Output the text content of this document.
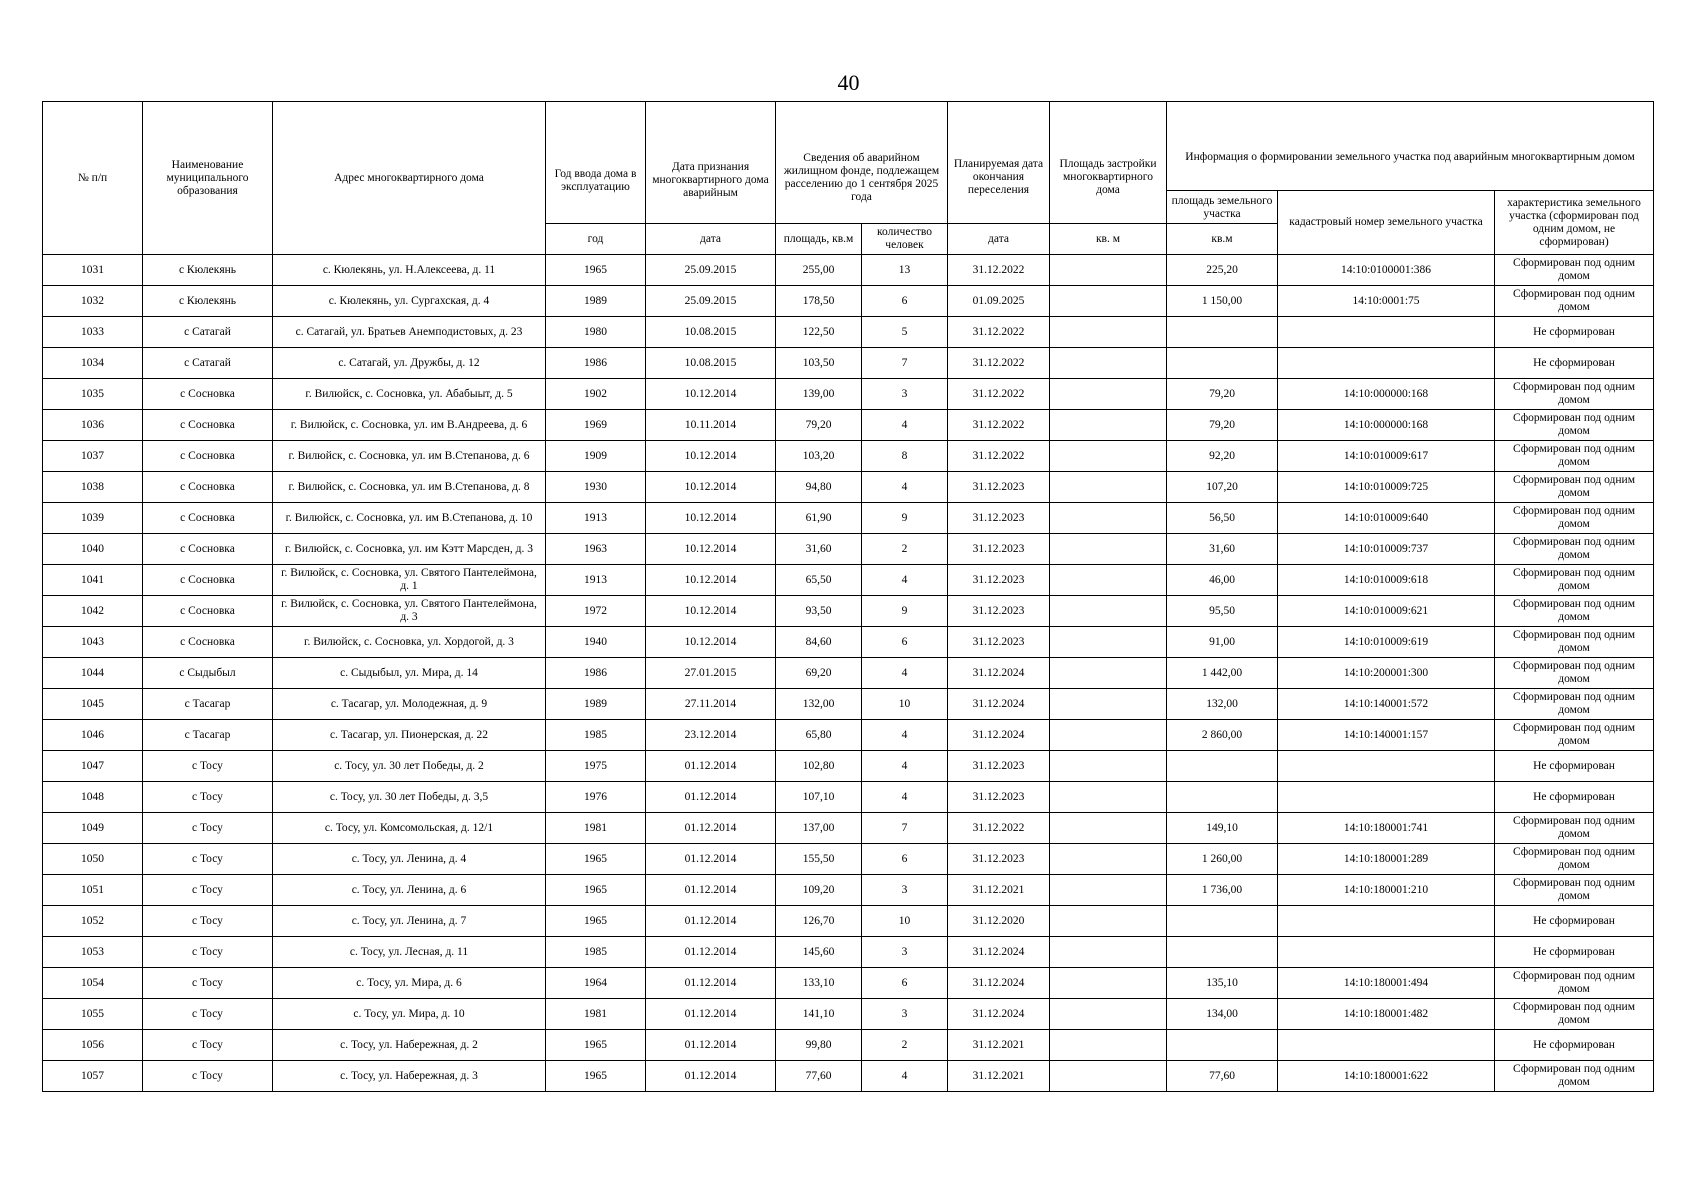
40
№ п/п	Наименование муниципального образования	Адрес многоквартирного дома	Год ввода дома в эксплуатацию	Дата признания многоквартирного дома аварийным	Сведения об аварийном жилищном фонде, подлежащем расселению до 1 сентября 2025 года		Планируемая дата окончания переселения	Площадь застройки многоквартирного дома	Информация о формировании земельного участка под аварийным многоквартирным домом		
									площадь земельного участка	кадастровый номер земельного участка	характеристика земельного участка (сформирован под одним домом, не сформирован)
			год	дата	площадь, кв.м	количество человек	дата	кв. м	кв.м		
1031	с Кюлекянь	с. Кюлекянь, ул. Н.Алексеева, д. 11	1965	25.09.2015	255,00	13	31.12.2022		225,20	14:10:0100001:386	Сформирован под одним домом
1032	с Кюлекянь	с. Кюлекянь, ул. Сургахская, д. 4	1989	25.09.2015	178,50	6	01.09.2025		1 150,00	14:10:0001:75	Сформирован под одним домом
1033	с Сатагай	с. Сатагай, ул. Братьев Анемподистовых, д. 23	1980	10.08.2015	122,50	5	31.12.2022				Не сформирован
1034	с Сатагай	с. Сатагай, ул. Дружбы, д. 12	1986	10.08.2015	103,50	7	31.12.2022				Не сформирован
1035	с Сосновка	г. Вилюйск, с. Сосновка, ул. Абабыыт, д. 5	1902	10.12.2014	139,00	3	31.12.2022		79,20	14:10:000000:168	Сформирован под одним домом
1036	с Сосновка	г. Вилюйск, с. Сосновка, ул. им В.Андреева, д. 6	1969	10.11.2014	79,20	4	31.12.2022		79,20	14:10:000000:168	Сформирован под одним домом
1037	с Сосновка	г. Вилюйск, с. Сосновка, ул. им В.Степанова, д. 6	1909	10.12.2014	103,20	8	31.12.2022		92,20	14:10:010009:617	Сформирован под одним домом
1038	с Сосновка	г. Вилюйск, с. Сосновка, ул. им В.Степанова, д. 8	1930	10.12.2014	94,80	4	31.12.2023		107,20	14:10:010009:725	Сформирован под одним домом
1039	с Сосновка	г. Вилюйск, с. Сосновка, ул. им В.Степанова, д. 10	1913	10.12.2014	61,90	9	31.12.2023		56,50	14:10:010009:640	Сформирован под одним домом
1040	с Сосновка	г. Вилюйск, с. Сосновка, ул. им Кэтт Марсден, д. 3	1963	10.12.2014	31,60	2	31.12.2023		31,60	14:10:010009:737	Сформирован под одним домом
1041	с Сосновка	г. Вилюйск, с. Сосновка, ул. Святого Пантелеймона, д. 1	1913	10.12.2014	65,50	4	31.12.2023		46,00	14:10:010009:618	Сформирован под одним домом
1042	с Сосновка	г. Вилюйск, с. Сосновка, ул. Святого Пантелеймона, д. 3	1972	10.12.2014	93,50	9	31.12.2023		95,50	14:10:010009:621	Сформирован под одним домом
1043	с Сосновка	г. Вилюйск, с. Сосновка, ул. Хордогой, д. 3	1940	10.12.2014	84,60	6	31.12.2023		91,00	14:10:010009:619	Сформирован под одним домом
1044	с Сыдыбыл	с. Сыдыбыл, ул. Мира, д. 14	1986	27.01.2015	69,20	4	31.12.2024		1 442,00	14:10:200001:300	Сформирован под одним домом
1045	с Тасагар	с. Тасагар, ул. Молодежная, д. 9	1989	27.11.2014	132,00	10	31.12.2024		132,00	14:10:140001:572	Сформирован под одним домом
1046	с Тасагар	с. Тасагар, ул. Пионерская, д. 22	1985	23.12.2014	65,80	4	31.12.2024		2 860,00	14:10:140001:157	Сформирован под одним домом
1047	с Тосу	с. Тосу, ул. 30 лет Победы, д. 2	1975	01.12.2014	102,80	4	31.12.2023				Не сформирован
1048	с Тосу	с. Тосу, ул. 30 лет Победы, д. 3,5	1976	01.12.2014	107,10	4	31.12.2023				Не сформирован
1049	с Тосу	с. Тосу, ул. Комсомольская, д. 12/1	1981	01.12.2014	137,00	7	31.12.2022		149,10	14:10:180001:741	Сформирован под одним домом
1050	с Тосу	с. Тосу, ул. Ленина, д. 4	1965	01.12.2014	155,50	6	31.12.2023		1 260,00	14:10:180001:289	Сформирован под одним домом
1051	с Тосу	с. Тосу, ул. Ленина, д. 6	1965	01.12.2014	109,20	3	31.12.2021		1 736,00	14:10:180001:210	Сформирован под одним домом
1052	с Тосу	с. Тосу, ул. Ленина, д. 7	1965	01.12.2014	126,70	10	31.12.2020				Не сформирован
1053	с Тосу	с. Тосу, ул. Лесная, д. 11	1985	01.12.2014	145,60	3	31.12.2024				Не сформирован
1054	с Тосу	с. Тосу, ул. Мира, д. 6	1964	01.12.2014	133,10	6	31.12.2024		135,10	14:10:180001:494	Сформирован под одним домом
1055	с Тосу	с. Тосу, ул. Мира, д. 10	1981	01.12.2014	141,10	3	31.12.2024		134,00	14:10:180001:482	Сформирован под одним домом
1056	с Тосу	с. Тосу, ул. Набережная, д. 2	1965	01.12.2014	99,80	2	31.12.2021				Не сформирован
1057	с Тосу	с. Тосу, ул. Набережная, д. 3	1965	01.12.2014	77,60	4	31.12.2021		77,60	14:10:180001:622	Сформирован под одним домом
